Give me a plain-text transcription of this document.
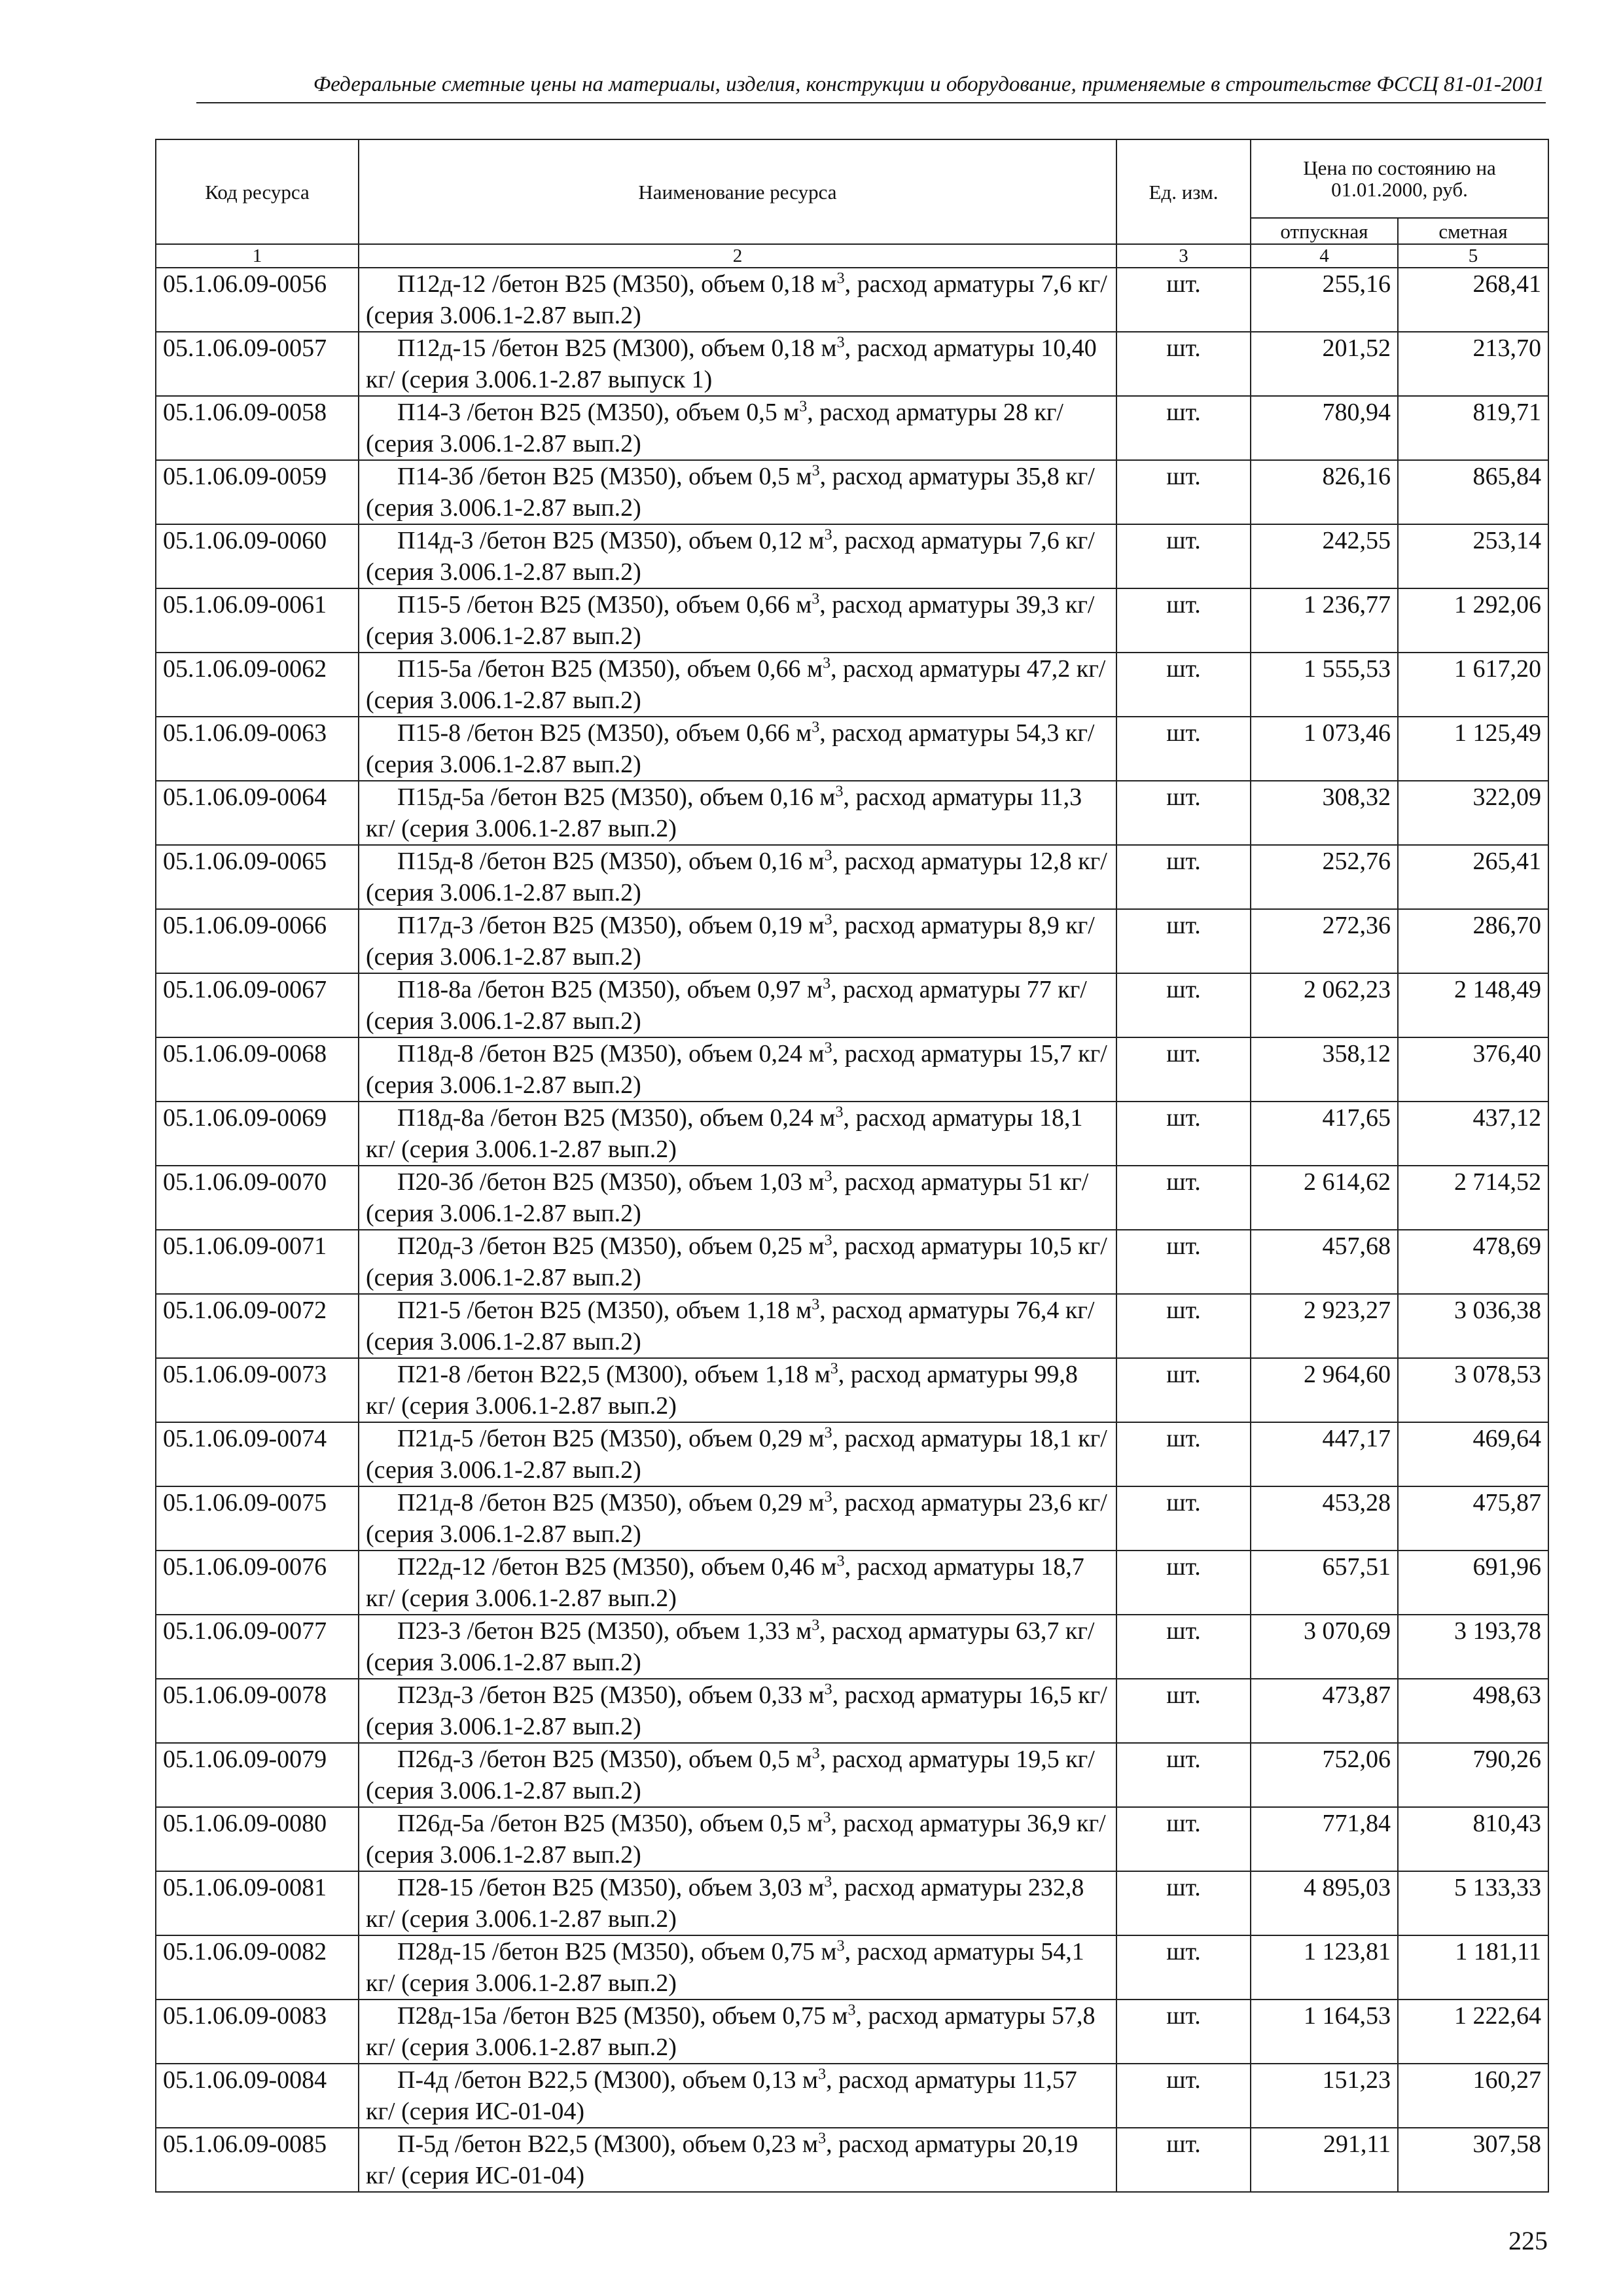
Федеральные сметные цены на материалы, изделия, конструкции и оборудование, применяемые в строительстве ФССЦ 81-01-2001
Код ресурса	Наименование ресурса	Ед. изм.	Цена по состоянию на 01.01.2000, руб.	
			отпускная	сметная
1	2	3	4	5
05.1.06.09-0056	П12д-12 /бетон В25 (М350), объем 0,18 $м^3$, расход арматуры 7,6 кг/ (серия 3.006.1-2.87 вып.2)	шт.	255,16	268,41
05.1.06.09-0057	П12д-15 /бетон В25 (М300), объем 0,18 $м^3$, расход арматуры 10,40 кг/ (серия 3.006.1-2.87 выпуск 1)	шт.	201,52	213,70
05.1.06.09-0058	П14-3 /бетон В25 (М350), объем 0,5 $м^3$, расход арматуры 28 кг/ (серия 3.006.1-2.87 вып.2)	шт.	780,94	819,71
05.1.06.09-0059	П14-3б /бетон В25 (М350), объем 0,5 $м^3$, расход арматуры 35,8 кг/ (серия 3.006.1-2.87 вып.2)	шт.	826,16	865,84
05.1.06.09-0060	П14д-3 /бетон В25 (М350), объем 0,12 $м^3$, расход арматуры 7,6 кг/ (серия 3.006.1-2.87 вып.2)	шт.	242,55	253,14
05.1.06.09-0061	П15-5 /бетон В25 (М350), объем 0,66 $м^3$, расход арматуры 39,3 кг/ (серия 3.006.1-2.87 вып.2)	шт.	1 236,77	1 292,06
05.1.06.09-0062	П15-5а /бетон В25 (М350), объем 0,66 $м^3$, расход арматуры 47,2 кг/ (серия 3.006.1-2.87 вып.2)	шт.	1 555,53	1 617,20
05.1.06.09-0063	П15-8 /бетон В25 (М350), объем 0,66 $м^3$, расход арматуры 54,3 кг/ (серия 3.006.1-2.87 вып.2)	шт.	1 073,46	1 125,49
05.1.06.09-0064	П15д-5а /бетон В25 (М350), объем 0,16 $м^3$, расход арматуры 11,3 кг/ (серия 3.006.1-2.87 вып.2)	шт.	308,32	322,09
05.1.06.09-0065	П15д-8 /бетон В25 (М350), объем 0,16 $м^3$, расход арматуры 12,8 кг/ (серия 3.006.1-2.87 вып.2)	шт.	252,76	265,41
05.1.06.09-0066	П17д-3 /бетон В25 (М350), объем 0,19 $м^3$, расход арматуры 8,9 кг/ (серия 3.006.1-2.87 вып.2)	шт.	272,36	286,70
05.1.06.09-0067	П18-8а /бетон В25 (М350), объем 0,97 $м^3$, расход арматуры 77 кг/ (серия 3.006.1-2.87 вып.2)	шт.	2 062,23	2 148,49
05.1.06.09-0068	П18д-8 /бетон В25 (М350), объем 0,24 $м^3$, расход арматуры 15,7 кг/ (серия 3.006.1-2.87 вып.2)	шт.	358,12	376,40
05.1.06.09-0069	П18д-8а /бетон В25 (М350), объем 0,24 $м^3$, расход арматуры 18,1 кг/ (серия 3.006.1-2.87 вып.2)	шт.	417,65	437,12
05.1.06.09-0070	П20-3б /бетон В25 (М350), объем 1,03 $м^3$, расход арматуры 51 кг/ (серия 3.006.1-2.87 вып.2)	шт.	2 614,62	2 714,52
05.1.06.09-0071	П20д-3 /бетон В25 (М350), объем 0,25 $м^3$, расход арматуры 10,5 кг/ (серия 3.006.1-2.87 вып.2)	шт.	457,68	478,69
05.1.06.09-0072	П21-5 /бетон В25 (М350), объем 1,18 $м^3$, расход арматуры 76,4 кг/ (серия 3.006.1-2.87 вып.2)	шт.	2 923,27	3 036,38
05.1.06.09-0073	П21-8 /бетон В22,5 (М300), объем 1,18 $м^3$, расход арматуры 99,8 кг/ (серия 3.006.1-2.87 вып.2)	шт.	2 964,60	3 078,53
05.1.06.09-0074	П21д-5 /бетон В25 (М350), объем 0,29 $м^3$, расход арматуры 18,1 кг/ (серия 3.006.1-2.87 вып.2)	шт.	447,17	469,64
05.1.06.09-0075	П21д-8 /бетон В25 (М350), объем 0,29 $м^3$, расход арматуры 23,6 кг/ (серия 3.006.1-2.87 вып.2)	шт.	453,28	475,87
05.1.06.09-0076	П22д-12 /бетон В25 (М350), объем 0,46 $м^3$, расход арматуры 18,7 кг/ (серия 3.006.1-2.87 вып.2)	шт.	657,51	691,96
05.1.06.09-0077	П23-3 /бетон В25 (М350), объем 1,33 $м^3$, расход арматуры 63,7 кг/ (серия 3.006.1-2.87 вып.2)	шт.	3 070,69	3 193,78
05.1.06.09-0078	П23д-3 /бетон В25 (М350), объем 0,33 $м^3$, расход арматуры 16,5 кг/ (серия 3.006.1-2.87 вып.2)	шт.	473,87	498,63
05.1.06.09-0079	П26д-3 /бетон В25 (М350), объем 0,5 $м^3$, расход арматуры 19,5 кг/ (серия 3.006.1-2.87 вып.2)	шт.	752,06	790,26
05.1.06.09-0080	П26д-5а /бетон В25 (М350), объем 0,5 $м^3$, расход арматуры 36,9 кг/ (серия 3.006.1-2.87 вып.2)	шт.	771,84	810,43
05.1.06.09-0081	П28-15 /бетон В25 (М350), объем 3,03 $м^3$, расход арматуры 232,8 кг/ (серия 3.006.1-2.87 вып.2)	шт.	4 895,03	5 133,33
05.1.06.09-0082	П28д-15 /бетон В25 (М350), объем 0,75 $м^3$, расход арматуры 54,1 кг/ (серия 3.006.1-2.87 вып.2)	шт.	1 123,81	1 181,11
05.1.06.09-0083	П28д-15а /бетон В25 (М350), объем 0,75 $м^3$, расход арматуры 57,8 кг/ (серия 3.006.1-2.87 вып.2)	шт.	1 164,53	1 222,64
05.1.06.09-0084	П-4д /бетон В22,5 (М300), объем 0,13 $м^3$, расход арматуры 11,57 кг/ (серия ИС-01-04)	шт.	151,23	160,27
05.1.06.09-0085	П-5д /бетон В22,5 (М300), объем 0,23 $м^3$, расход арматуры 20,19 кг/ (серия ИС-01-04)	шт.	291,11	307,58
225
